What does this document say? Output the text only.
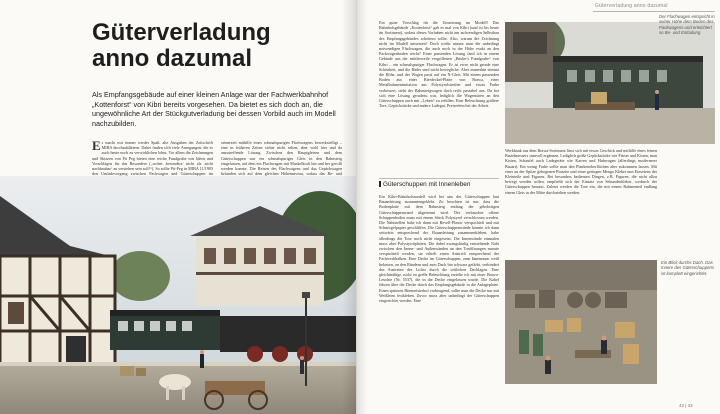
Güterverladung
anno dazumal

Als Empfangsgebäude auf einer kleinen Anlage war der Fachwerkbahnhof „Kottenforst“ von Kibri bereits vorgesehen. Da bietet es sich doch an, die ungewöhnliche Art der Stückgutverladung bei dessen Vorbild auch im Modell nachzubilden.

E s macht mir immer wieder Spaß, alte Ausgaben der Zeitschrift MIBA durchzublättern. Dabei finden sich viele Anregungen, die es auch heute noch zu verwirklichen lohnt. Vor allem die Zeichnungen und Skizzen von Pit Peg bieten eine reiche Fundgrube von Ideen und Vorschlägen für das Besondere („wobei ,besonders‘ nicht als ,nicht nachbaubar‘ zu verstehen sein soll!“). So sollte Pit-Peg in MIBA 11/1983 den Umladevorgang zwischen Packwagen und Güterschuppen im
seinerzeit mithilfe eines schmalspurigen Flachwagens bewerkstelligt – eine in früheren Zeiten sicher nicht selten, aber wohl hier und da anzutreffende Lösung. Zwischen den Hauptgleisen und dem Güterschuppen war ein schmalspuriges Gleis in den Bahnsteig eingelassen, auf dem ein Flachwagen mit Muskelkraft hin und her gerollt werden konnte. Die Reisen des Flachwagens und das Gepäckwagen befanden sich auf dem gleichen Höhenniveau, sodass das Be- und
Güterverladung anno dazumal

Ein guter Vorschlag für die Umsetzung im Modell! Das Bahnhofsgebäude „Kottenforst“ gab es mal von Kibri (und ist bis heute im Sortiment), sodass dieses Vorhaben nicht am aufwendigen Selbstbau des Empfangsgebäudes scheitern sollte. Also, warum die Zeichnung nicht im Modell umsetzen? Doch wofür nimmt man die unbedingt notwendigen Flachwagen, die auch noch in der Höhe exakt an den Packwagenboden reicht? Einer passenden Lösung fand ich in einem Gebinde aus der mittlerweile vergriffenen „Bauler's Fundgrube“ von Kibri – ein schmalspuriger Flachwagen. Er ist zwar nicht gerade eine Schönheit, und die Räder sind nicht bewegliche. Aber immerhin stimmt die Höhe, und der Wagen passt auf ein N-Gleis. Mit einem passenden Boden aus einer Bierdeckel-Platte von Brawa, einer Metallrahmenimitation aus Polystyrolstreifen und etwas Farbe verbessert, steht der Bahnsteigwagen doch recht passabel aus. Da bot sich eine Lösung geradezu war, lediglich die Wagentüren an den Güterschuppen auch mit „Leben“ zu erfüllen. Eine Beleuchtung größere Tore, Gepäckstücke und andere Ladegut, Preiserlein bei der Arbeit.

Der Flachwagen entspricht in seiner Höhe dem Boden des Packwagens und erleichtert so Be- und Entladung
Güterschuppen mit Innenleben

Ein Kibri-Bahnhofsmodell wird bei uns der Güterschuppen laut Bauanleitung zusammengeklebt. Zu beachten ist nur, dass die Bodenplatte mit dem Bahnsteig entlang der gebohrtigen Güterschuppenwand abgetrennt wird. Der verbauchte offene Schuppenboden muss mit einem Stück Polystyrol verschlossen werden. Die Nahtstellen habe ich dann mit Revell-Plastic verspachtelt und mit Schmirgelpapier geschliffen. Die Güterschuppenwände konnte ich dann seitwärts entsprechend der Bauanleitung zusammenkleben, habe allerdings die Tore noch nicht eingesetzt. Die Innenwände einmalen muss aber Polystyrolplatten. Die dabei zwangsläufig entstehende Naht zwischen den Innen- und Außenwänden an den Toröffnungen musste verspachtelt werden, sie erhielt einen Anstrich entsprechend der Fachwerkbalken. Eine Decke im Güterschuppen, zum Innenraum weiß belassen, an den Rändern und zum Dach hin schwarz gefärbt, verhindert das Austreten des Lichts durch die seitlichen Dachlagen. Eine gleichmäßige, nicht zu grelle Beleuchtung erzielte ich mit einer Brawa-Leuchte (Nr. 5537), die in die Decke eingelassen wurde. Die Kabel führen über die Decke durch das Empfangsgebäude in die Anlageplatte. Einen späteren Bitemeisterhof vorbeugend, sollte man die Decke nur mit Weißleim festkleben. Zuvor muss aber unbedingt der Güterschuppen eingerichtet werden. Eine

Werkbank aus dem Brawa-Sortiment lässt sich mit etwas Geschick und mithilfe eines feinen Bastelmessers sinnvoll ergänzen. Lediglich größe Gepäckstücke wie Fässer und Kisten, man Kisten, Schaufel auch Ladegeräte wie Karren und Hubwagen (allerdings modernerer Bauart). Ein wenig Farbe sollte man den Plankenoberflächen aber zukommen lassen. Mit einer an der Spitze gebogenen Pinzette und einer geringen Menge Kleber nun Einsetzen der Kleinteile und Figuren. Bei besonders bedienten Dingen, z.B. Figuren, die nicht allzu bewegt werden sollen, empfiehlt sich der Einsatz von Sekundenkleber, wodurch der Güterschuppen benutzt. Zuletzt werden die Tore ein, die mit einem Rahmenteil endlang einem Gleis in der Mitte durchziehen werden.

Ein Blick durchs Dach. Das Innere des Güterschuppens ist komplett eingerichtet.
42 | 43
